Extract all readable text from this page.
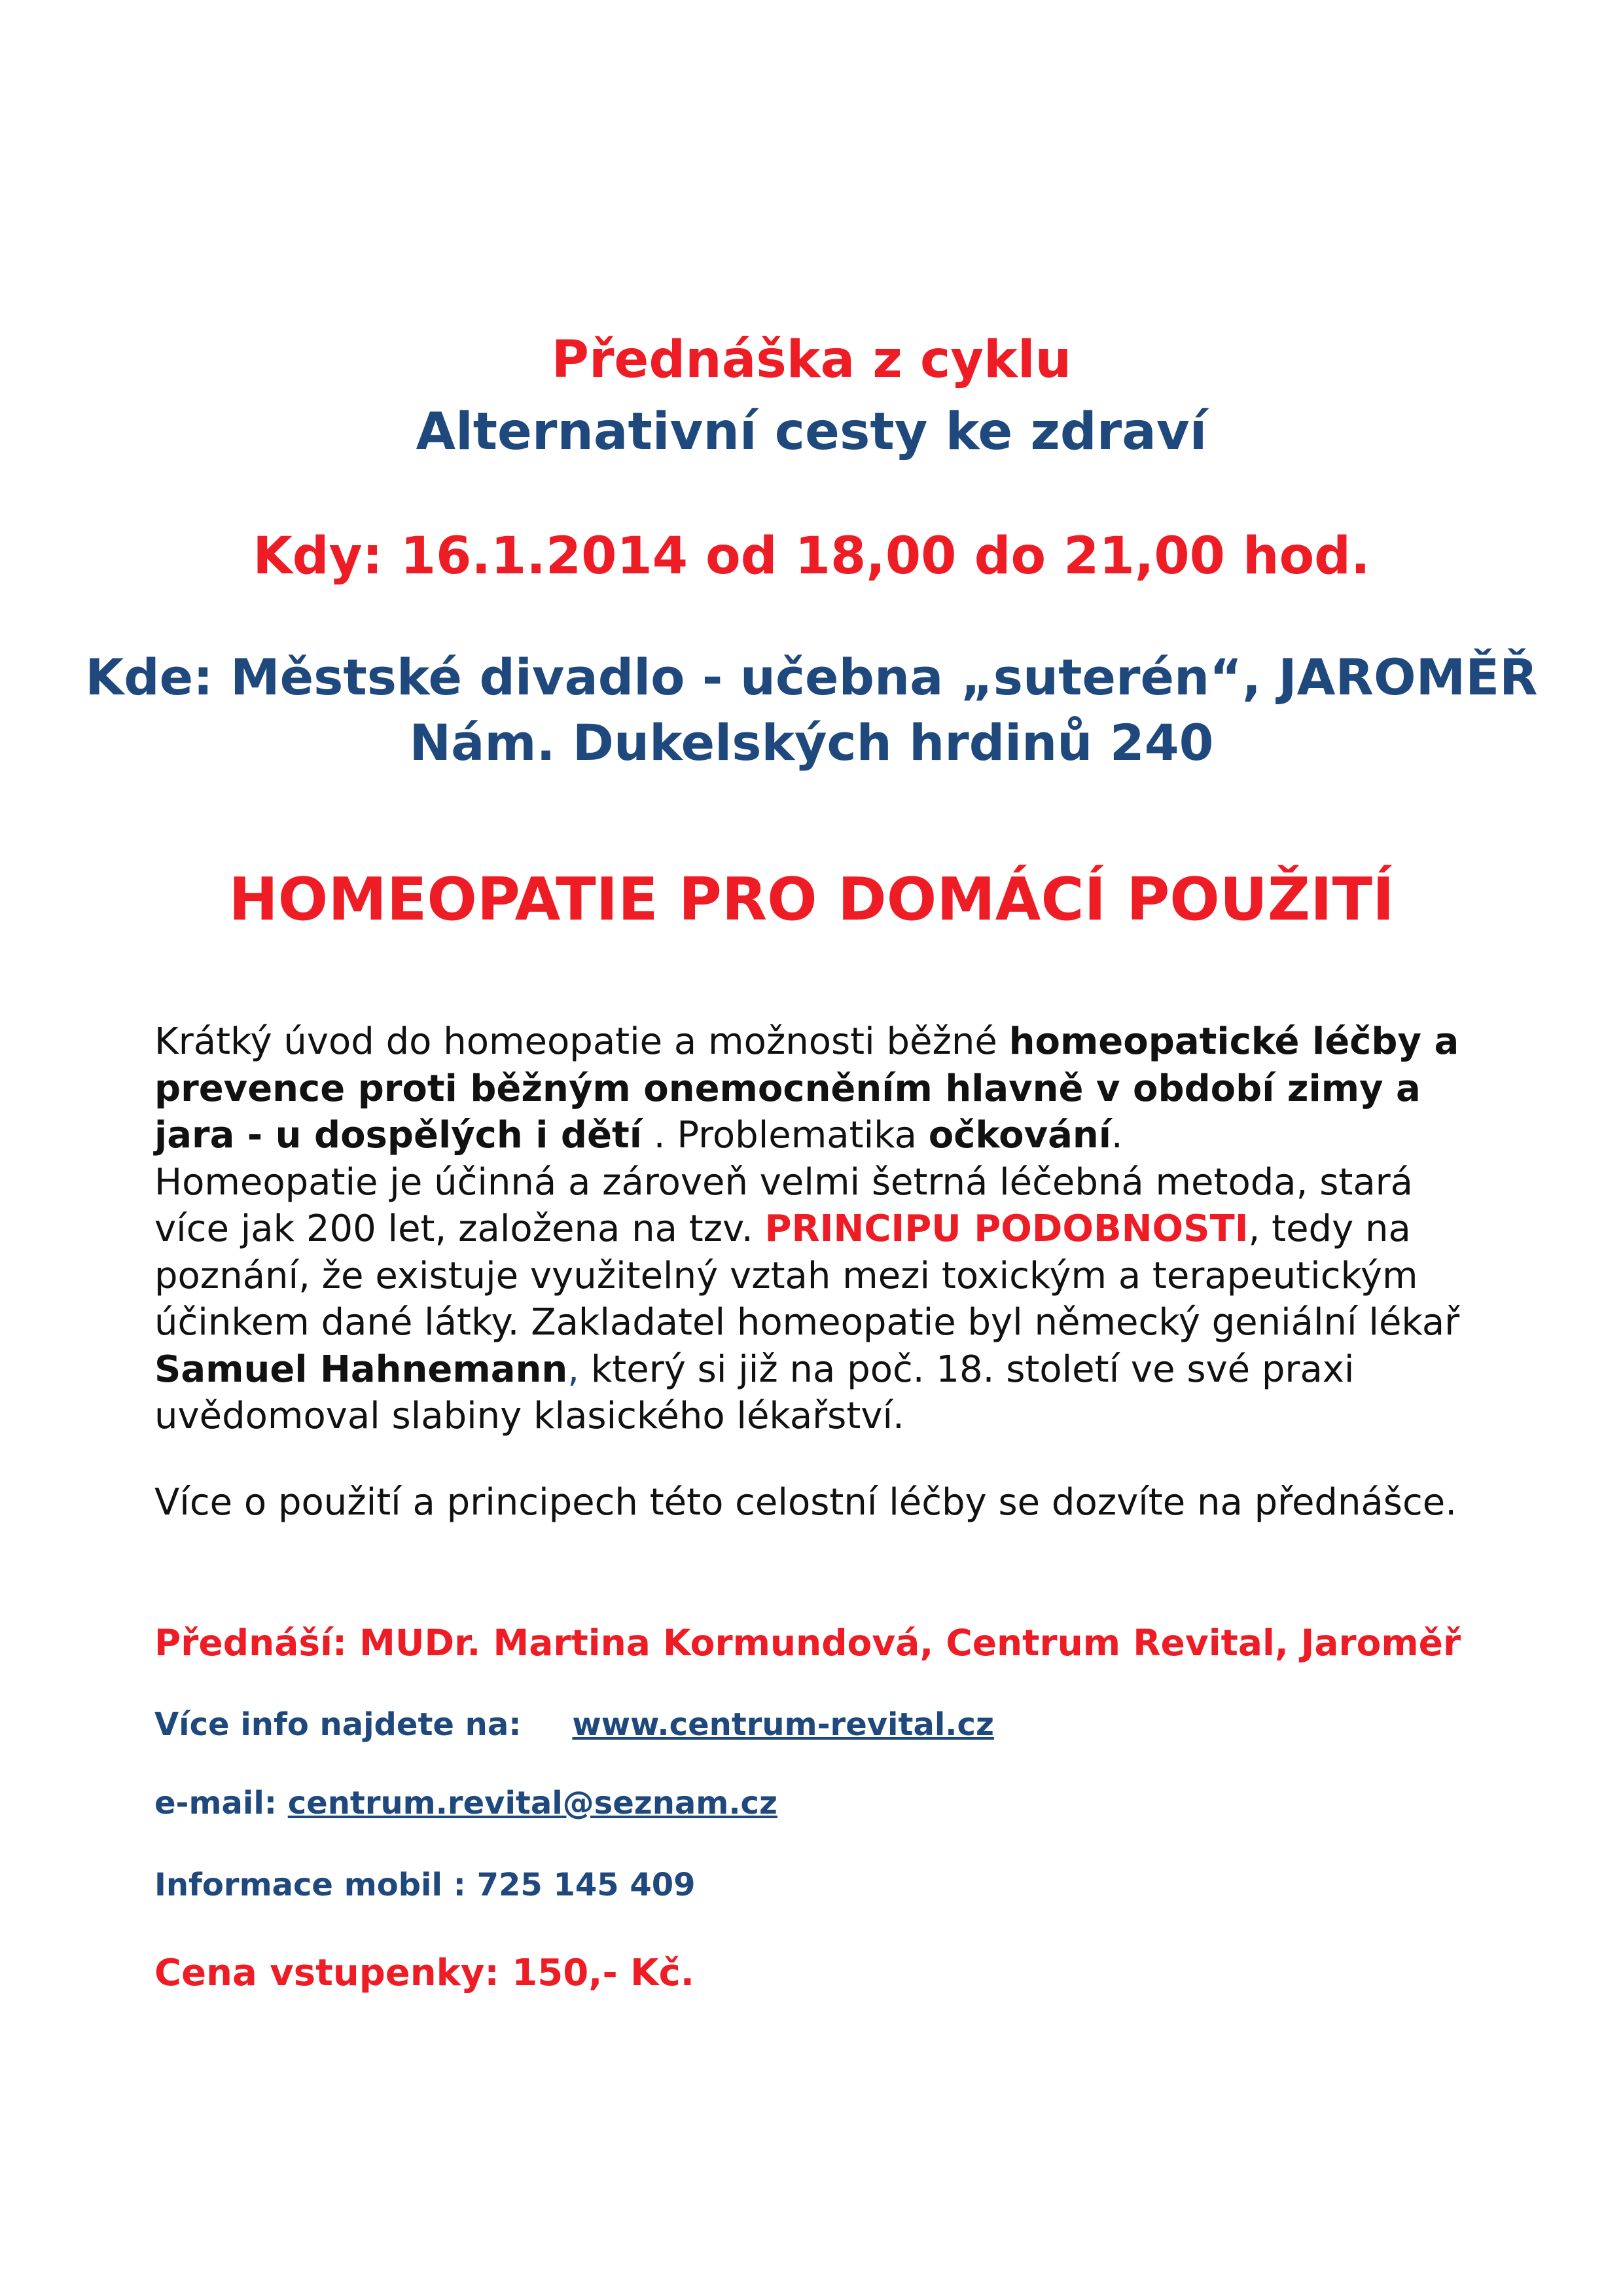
Přednáška z cyklu
Alternativní cesty ke zdraví
Kdy: 16.1.2014 od 18,00 do 21,00 hod.
Kde: Městské divadlo - učebna „suterén“, JAROMĚŘ
Nám. Dukelských hrdinů 240
HOMEOPATIE PRO DOMÁCÍ POUŽITÍ

Krátký úvod do homeopatie a možnosti běžné homeopatické léčby a prevence proti běžným onemocněním hlavně v období zimy a jara - u dospělých i dětí . Problematika očkování.

Homeopatie je účinná a zároveň velmi šetrná léčebná metoda, stará více jak 200 let, založena na tzv. PRINCIPU PODOBNOSTI, tedy na poznání, že existuje využitelný vztah mezi toxickým a terapeutickým účinkem dané látky. Zakladatel homeopatie byl německý geniální lékař Samuel Hahnemann, který si již na poč. 18. století ve své praxi uvědomoval slabiny klasického lékařství.

Více o použití a principech této celostní léčby se dozvíte na přednášce.
Přednáší: MUDr. Martina Kormundová, Centrum Revital, Jaroměř
Více info najdete na: www.centrum-revital.cz
e-mail: centrum.revital@seznam.cz
Informace mobil : 725 145 409
Cena vstupenky: 150,- Kč.
